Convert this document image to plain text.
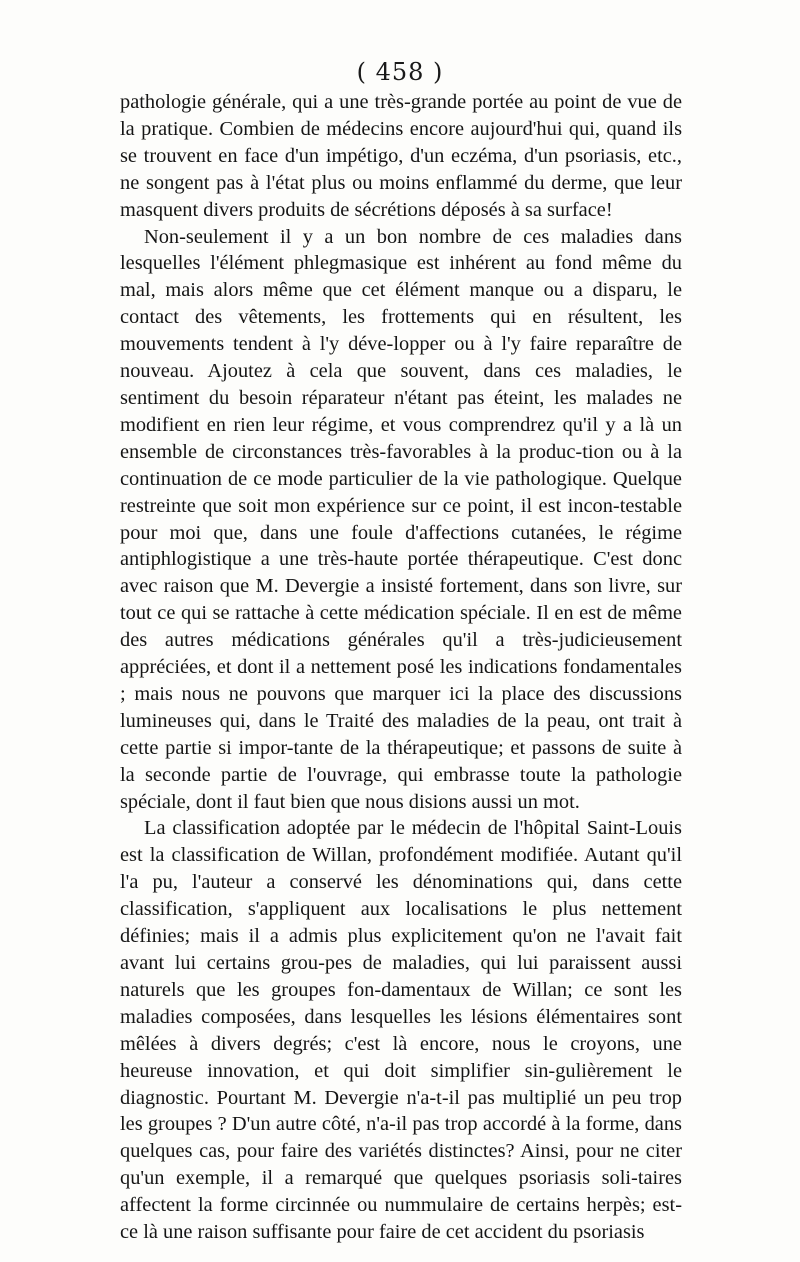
( 458 )

pathologie générale, qui a une très-grande portée au point de vue de la pratique. Combien de médecins encore aujourd'hui qui, quand ils se trouvent en face d'un impétigo, d'un eczéma, d'un psoriasis, etc., ne songent pas à l'état plus ou moins enflammé du derme, que leur masquent divers produits de sécrétions déposés à sa surface!

Non-seulement il y a un bon nombre de ces maladies dans lesquelles l'élément phlegmasique est inhérent au fond même du mal, mais alors même que cet élément manque ou a disparu, le contact des vêtements, les frottements qui en résultent, les mouvements tendent à l'y déve-lopper ou à l'y faire reparaître de nouveau. Ajoutez à cela que souvent, dans ces maladies, le sentiment du besoin réparateur n'étant pas éteint, les malades ne modifient en rien leur régime, et vous comprendrez qu'il y a là un ensemble de circonstances très-favorables à la produc-tion ou à la continuation de ce mode particulier de la vie pathologique. Quelque restreinte que soit mon expérience sur ce point, il est incon-testable pour moi que, dans une foule d'affections cutanées, le régime antiphlogistique a une très-haute portée thérapeutique. C'est donc avec raison que M. Devergie a insisté fortement, dans son livre, sur tout ce qui se rattache à cette médication spéciale. Il en est de même des autres médications générales qu'il a très-judicieusement appréciées, et dont il a nettement posé les indications fondamentales ; mais nous ne pouvons que marquer ici la place des discussions lumineuses qui, dans le Traité des maladies de la peau, ont trait à cette partie si impor-tante de la thérapeutique; et passons de suite à la seconde partie de l'ouvrage, qui embrasse toute la pathologie spéciale, dont il faut bien que nous disions aussi un mot.

La classification adoptée par le médecin de l'hôpital Saint-Louis est la classification de Willan, profondément modifiée. Autant qu'il l'a pu, l'auteur a conservé les dénominations qui, dans cette classification, s'appliquent aux localisations le plus nettement définies; mais il a admis plus explicitement qu'on ne l'avait fait avant lui certains grou-pes de maladies, qui lui paraissent aussi naturels que les groupes fon-damentaux de Willan; ce sont les maladies composées, dans lesquelles les lésions élémentaires sont mêlées à divers degrés; c'est là encore, nous le croyons, une heureuse innovation, et qui doit simplifier sin-gulièrement le diagnostic. Pourtant M. Devergie n'a-t-il pas multiplié un peu trop les groupes ? D'un autre côté, n'a-il pas trop accordé à la forme, dans quelques cas, pour faire des variétés distinctes? Ainsi, pour ne citer qu'un exemple, il a remarqué que quelques psoriasis soli-taires affectent la forme circinnée ou nummulaire de certains herpès; est-ce là une raison suffisante pour faire de cet accident du psoriasis
